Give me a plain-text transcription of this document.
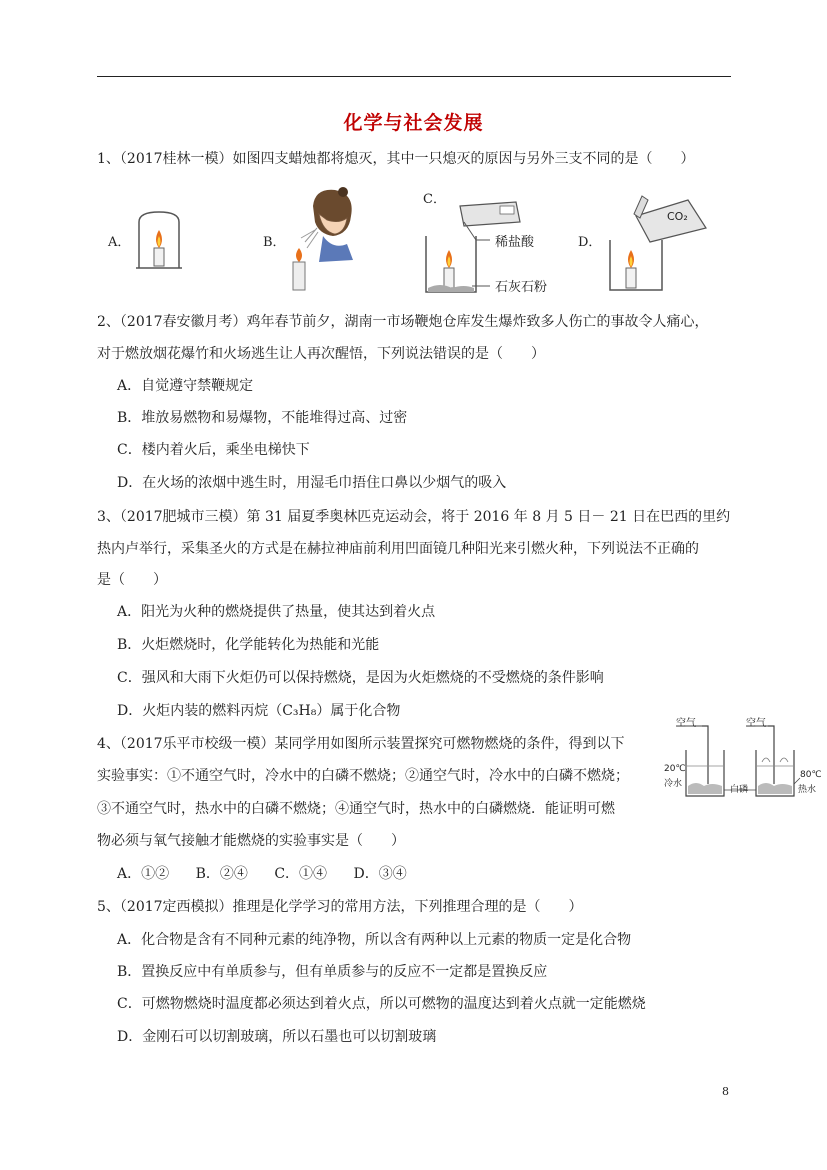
化学与社会发展
1、（2017桂林一模）如图四支蜡烛都将熄灭，其中一只熄灭的原因与另外三支不同的是（　　）
A．	B．
C．
稀盐酸
石灰石粉
D．
CO₂
2、（2017春安徽月考）鸡年春节前夕，湖南一市场鞭炮仓库发生爆炸致多人伤亡的事故令人痛心，
对于燃放烟花爆竹和火场逃生让人再次醒悟，下列说法错误的是（　　）
A．自觉遵守禁鞭规定
B．堆放易燃物和易爆物，不能堆得过高、过密
C．楼内着火后，乘坐电梯快下
D．在火场的浓烟中逃生时，用湿毛巾捂住口鼻以少烟气的吸入
3、（2017肥城市三模）第 31 届夏季奥林匹克运动会，将于 2016 年 8 月 5 日－ 21 日在巴西的里约
热内卢举行，采集圣火的方式是在赫拉神庙前利用凹面镜几种阳光来引燃火种，下列说法不正确的
是（　　）
A．阳光为火种的燃烧提供了热量，使其达到着火点
B．火炬燃烧时，化学能转化为热能和光能
C．强风和大雨下火炬仍可以保持燃烧，是因为火炬燃烧的不受燃烧的条件影响
D．火炬内装的燃料丙烷（C₃H₈）属于化合物
4、（2017乐平市校级一模）某同学用如图所示装置探究可燃物燃烧的条件，得到以下
实验事实：①不通空气时，冷水中的白磷不燃烧；②通空气时，冷水中的白磷不燃烧；
③不通空气时，热水中的白磷不燃烧；④通空气时，热水中的白磷燃烧．能证明可燃
物必须与氧气接触才能燃烧的实验事实是（　　）
A．①② B．②④ C．①④ D．③④
空气	空气
20℃
冷水
白磷
80℃
热水
5、（2017定西模拟）推理是化学学习的常用方法，下列推理合理的是（　　）
A．化合物是含有不同种元素的纯净物，所以含有两种以上元素的物质一定是化合物
B．置换反应中有单质参与，但有单质参与的反应不一定都是置换反应
C．可燃物燃烧时温度都必须达到着火点，所以可燃物的温度达到着火点就一定能燃烧
D．金刚石可以切割玻璃，所以石墨也可以切割玻璃
8
